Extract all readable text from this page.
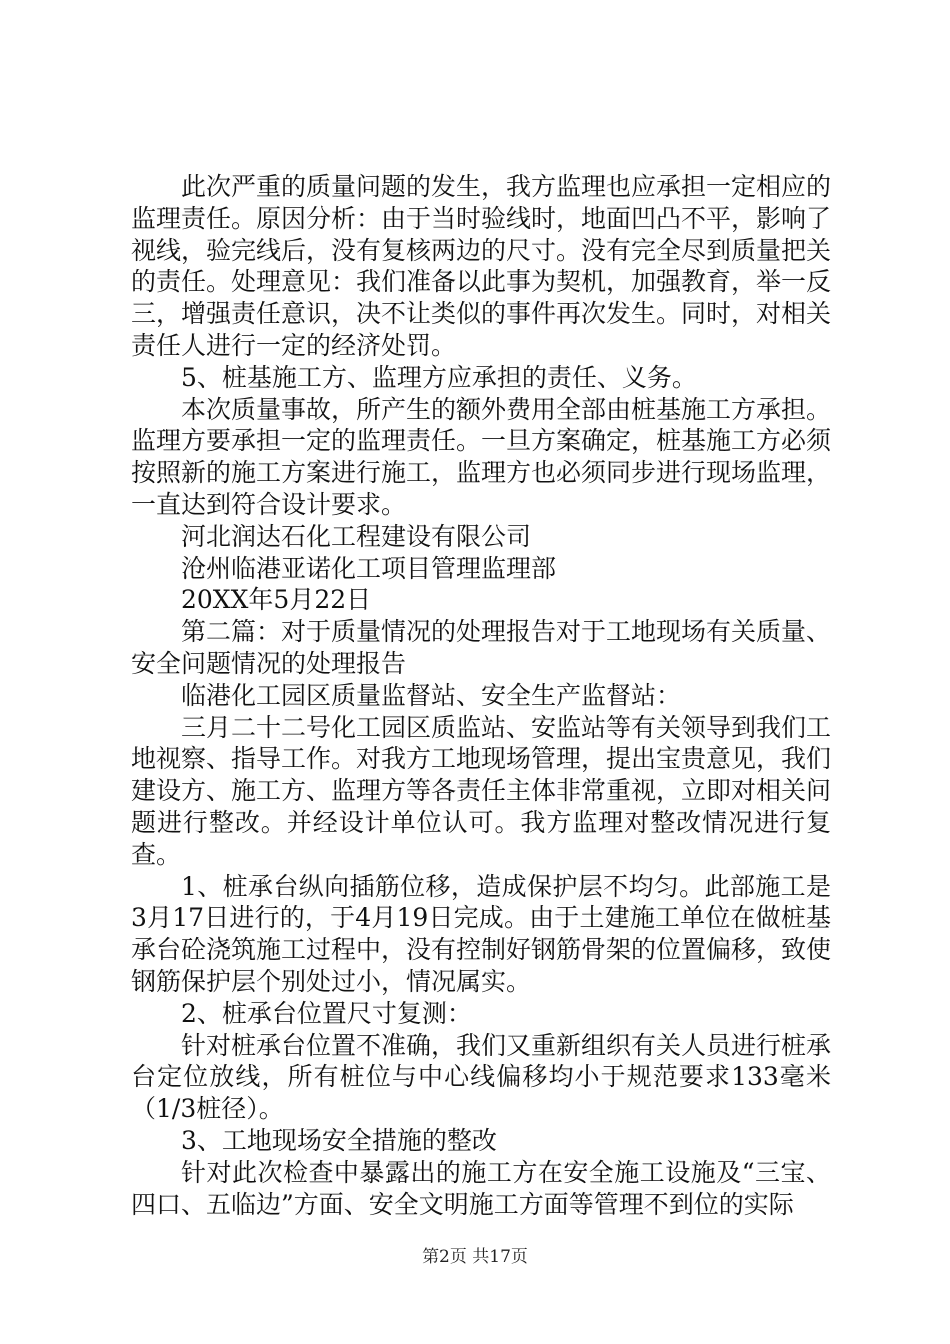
此次严重的质量问题的发生，我方监理也应承担一定相应的监理责任。原因分析：由于当时验线时，地面凹凸不平，影响了视线，验完线后，没有复核两边的尺寸。没有完全尽到质量把关的责任。处理意见：我们准备以此事为契机，加强教育，举一反三，增强责任意识，决不让类似的事件再次发生。同时，对相关责任人进行一定的经济处罚。

5、桩基施工方、监理方应承担的责任、义务。

本次质量事故，所产生的额外费用全部由桩基施工方承担。监理方要承担一定的监理责任。一旦方案确定，桩基施工方必须按照新的施工方案进行施工，监理方也必须同步进行现场监理，一直达到符合设计要求。

河北润达石化工程建设有限公司

沧州临港亚诺化工项目管理监理部

20XX年5月22日

第二篇：对于质量情况的处理报告对于工地现场有关质量、安全问题情况的处理报告

临港化工园区质量监督站、安全生产监督站：

三月二十二号化工园区质监站、安监站等有关领导到我们工地视察、指导工作。对我方工地现场管理，提出宝贵意见，我们建设方、施工方、监理方等各责任主体非常重视，立即对相关问题进行整改。并经设计单位认可。我方监理对整改情况进行复查。

1、桩承台纵向插筋位移，造成保护层不均匀。此部施工是3月17日进行的，于4月19日完成。由于土建施工单位在做桩基承台砼浇筑施工过程中，没有控制好钢筋骨架的位置偏移，致使钢筋保护层个别处过小，情况属实。

2、桩承台位置尺寸复测：

针对桩承台位置不准确，我们又重新组织有关人员进行桩承台定位放线，所有桩位与中心线偏移均小于规范要求133毫米（1/3桩径）。

3、工地现场安全措施的整改

针对此次检查中暴露出的施工方在安全施工设施及“三宝、四口、五临边”方面、安全文明施工方面等管理不到位的实际

第2页 共17页
